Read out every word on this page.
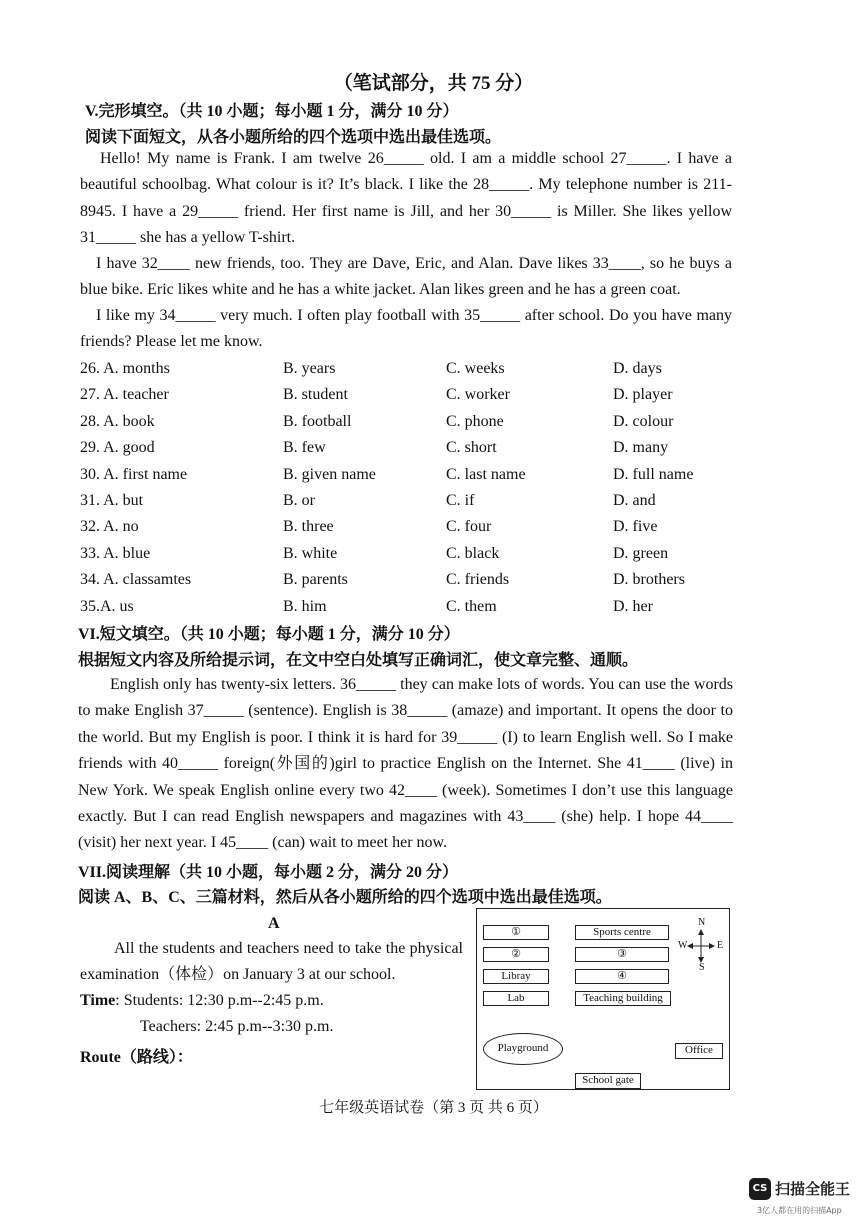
（笔试部分，共 75 分）
V.完形填空。（共 10 小题；每小题 1 分，满分 10 分）
阅读下面短文，从各小题所给的四个选项中选出最佳选项。

Hello! My name is Frank. I am twelve 26_____ old. I am a middle school 27_____. I have a beautiful schoolbag. What colour is it? It’s black. I like the 28_____. My telephone number is 211-8945. I have a 29_____ friend. Her first name is Jill, and her 30_____ is Miller. She likes yellow 31_____ she has a yellow T-shirt.

I have 32____ new friends, too. They are Dave, Eric, and Alan. Dave likes 33____, so he buys a blue bike. Eric likes white and he has a white jacket. Alan likes green and he has a green coat.

I like my 34_____ very much. I often play football with 35_____ after school. Do you have many friends? Please let me know.

26. A. months	B. years	C. weeks	D. days
27. A. teacher	B. student	C. worker	D. player
28. A. book	B. football	C. phone	D. colour
29. A. good	B. few	C. short	D. many
30. A. first name	B. given name	C. last name	D. full name
31. A. but	B. or	C. if	D. and
32. A. no	B. three	C. four	D. five
33. A. blue	B. white	C. black	D. green
34. A. classamtes	B. parents	C. friends	D. brothers
35.A. us	B. him	C. them	D. her
VI.短文填空。（共 10 小题；每小题 1 分，满分 10 分）
根据短文内容及所给提示词，在文中空白处填写正确词汇，使文章完整、通顺。

English only has twenty-six letters. 36_____ they can make lots of words. You can use the words to make English 37_____ (sentence). English is 38_____ (amaze) and important. It opens the door to the world. But my English is poor. I think it is hard for 39_____ (I) to learn English well. So I make friends with 40_____ foreign(外国的)girl to practice English on the Internet. She 41____ (live) in New York. We speak English online every two 42____ (week). Sometimes I don’t use this language exactly. But I can read English newspapers and magazines with 43____ (she) help. I hope 44____ (visit) her next year. I 45____ (can) wait to meet her now.

VII.阅读理解（共 10 小题，每小题 2 分，满分 20 分）
阅读 A、B、C、三篇材料，然后从各小题所给的四个选项中选出最佳选项。
A

All the students and teachers need to take the physical examination（体检）on January 3 at our school.

Time: Students: 12:30 p.m--2:45 p.m.
Teachers: 2:45 p.m--3:30 p.m.
Route（路线）：
①
②
Libray
Lab
Sports centre
③
④
Teaching building
Playground	Office
School gate
N
S
W	E
七年级英语试卷（第 3 页 共 6 页）
CS 扫描全能王
3亿人都在用的扫描App
